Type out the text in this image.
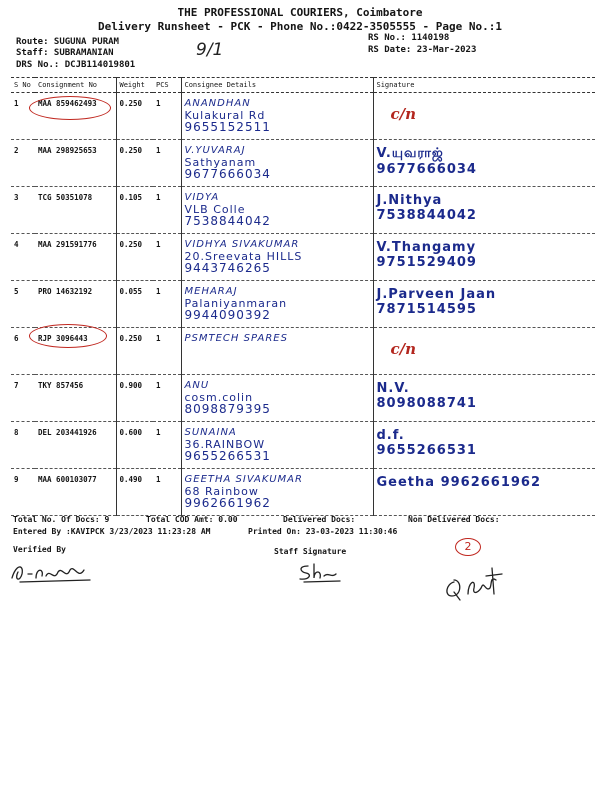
THE PROFESSIONAL COURIERS, Coimbatore
Delivery Runsheet - PCK - Phone No.:0422-3505555 - Page No.:1
Route: SUGUNA PURAM
Staff: SUBRAMANIAN
DRS No.: DCJB114019801
RS No.: 1140198
RS Date: 23-Mar-2023
9/1
S No	Consignment No	Weight	PCS	Consignee Details	Signature
1	MAA 859462493	0.250	1	ANANDHAN
Kulakural Rd
9655152511	c/n

2	MAA 298925653	0.250	1	V.YUVARAJ
Sathyanam
9677666034	V.யுவராஜ்
9677666034

3	TCG 50351078	0.105	1	VIDYA
VLB Colle
7538844042	J.Nithya
7538844042

4	MAA 291591776	0.250	1	VIDHYA SIVAKUMAR
20.Sreevata HILLS
9443746265	V.Thangamy
9751529409

5	PRO 14632192	0.055	1	MEHARAJ
Palaniyanmaran
9944090392	J.Parveen Jaan
7871514595

6	RJP 3096443	0.250	1	PSMTECH SPARES	c/n

7	TKY 857456	0.900	1	ANU
cosm.colin
8098879395	N.V.
8098088741

8	DEL 203441926	0.600	1	SUNAINA
36.RAINBOW
9655266531	d.f.
9655266531

9	MAA 600103077	0.490	1	GEETHA SIVAKUMAR
68 Rainbow
9962661962	Geetha 9962661962
Total No. Of Docs: 9	Total COD Amt: 0.00	Delivered Docs:	Non Delivered Docs:
Entered By :KAVIPCK 3/23/2023 11:23:28 AM	Printed On: 23-03-2023 11:30:46
Verified By	Staff Signature	2
